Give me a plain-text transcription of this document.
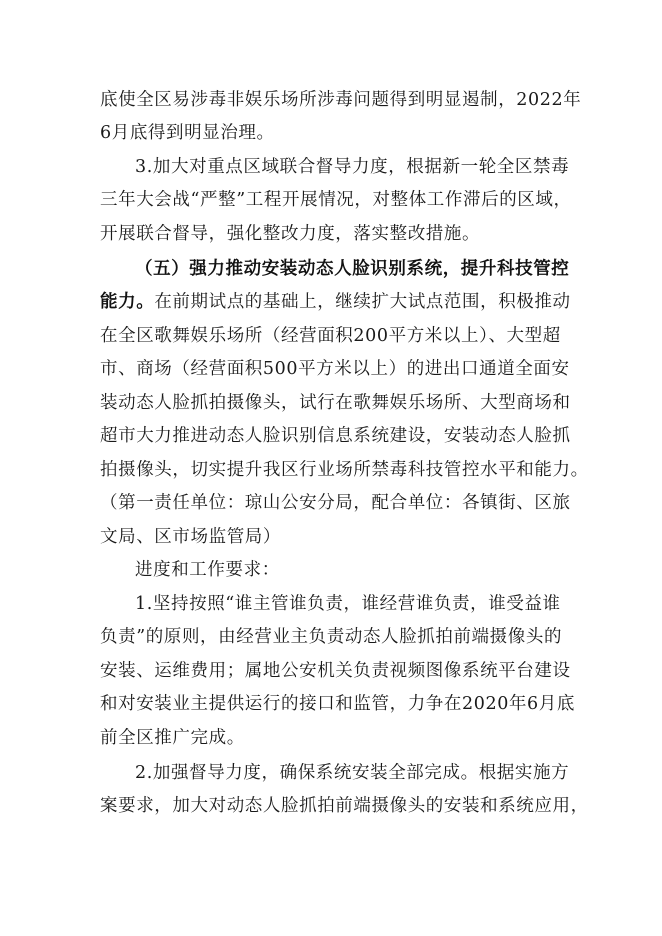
底使全区易涉毒非娱乐场所涉毒问题得到明显遏制，2022年
6月底得到明显治理。
3.加大对重点区域联合督导力度，根据新一轮全区禁毒
三年大会战“严整”工程开展情况，对整体工作滞后的区域，
开展联合督导，强化整改力度，落实整改措施。
（五）强力推动安装动态人脸识别系统，提升科技管控
能力。在前期试点的基础上，继续扩大试点范围，积极推动
在全区歌舞娱乐场所（经营面积200平方米以上）、大型超
市、商场（经营面积500平方米以上）的进出口通道全面安
装动态人脸抓拍摄像头，试行在歌舞娱乐场所、大型商场和
超市大力推进动态人脸识别信息系统建设，安装动态人脸抓
拍摄像头，切实提升我区行业场所禁毒科技管控水平和能力。
（第一责任单位：琼山公安分局，配合单位：各镇街、区旅
文局、区市场监管局）
进度和工作要求：
1.坚持按照“谁主管谁负责，谁经营谁负责，谁受益谁
负责”的原则，由经营业主负责动态人脸抓拍前端摄像头的
安装、运维费用；属地公安机关负责视频图像系统平台建设
和对安装业主提供运行的接口和监管，力争在2020年6月底
前全区推广完成。
2.加强督导力度，确保系统安装全部完成。根据实施方
案要求，加大对动态人脸抓拍前端摄像头的安装和系统应用，
